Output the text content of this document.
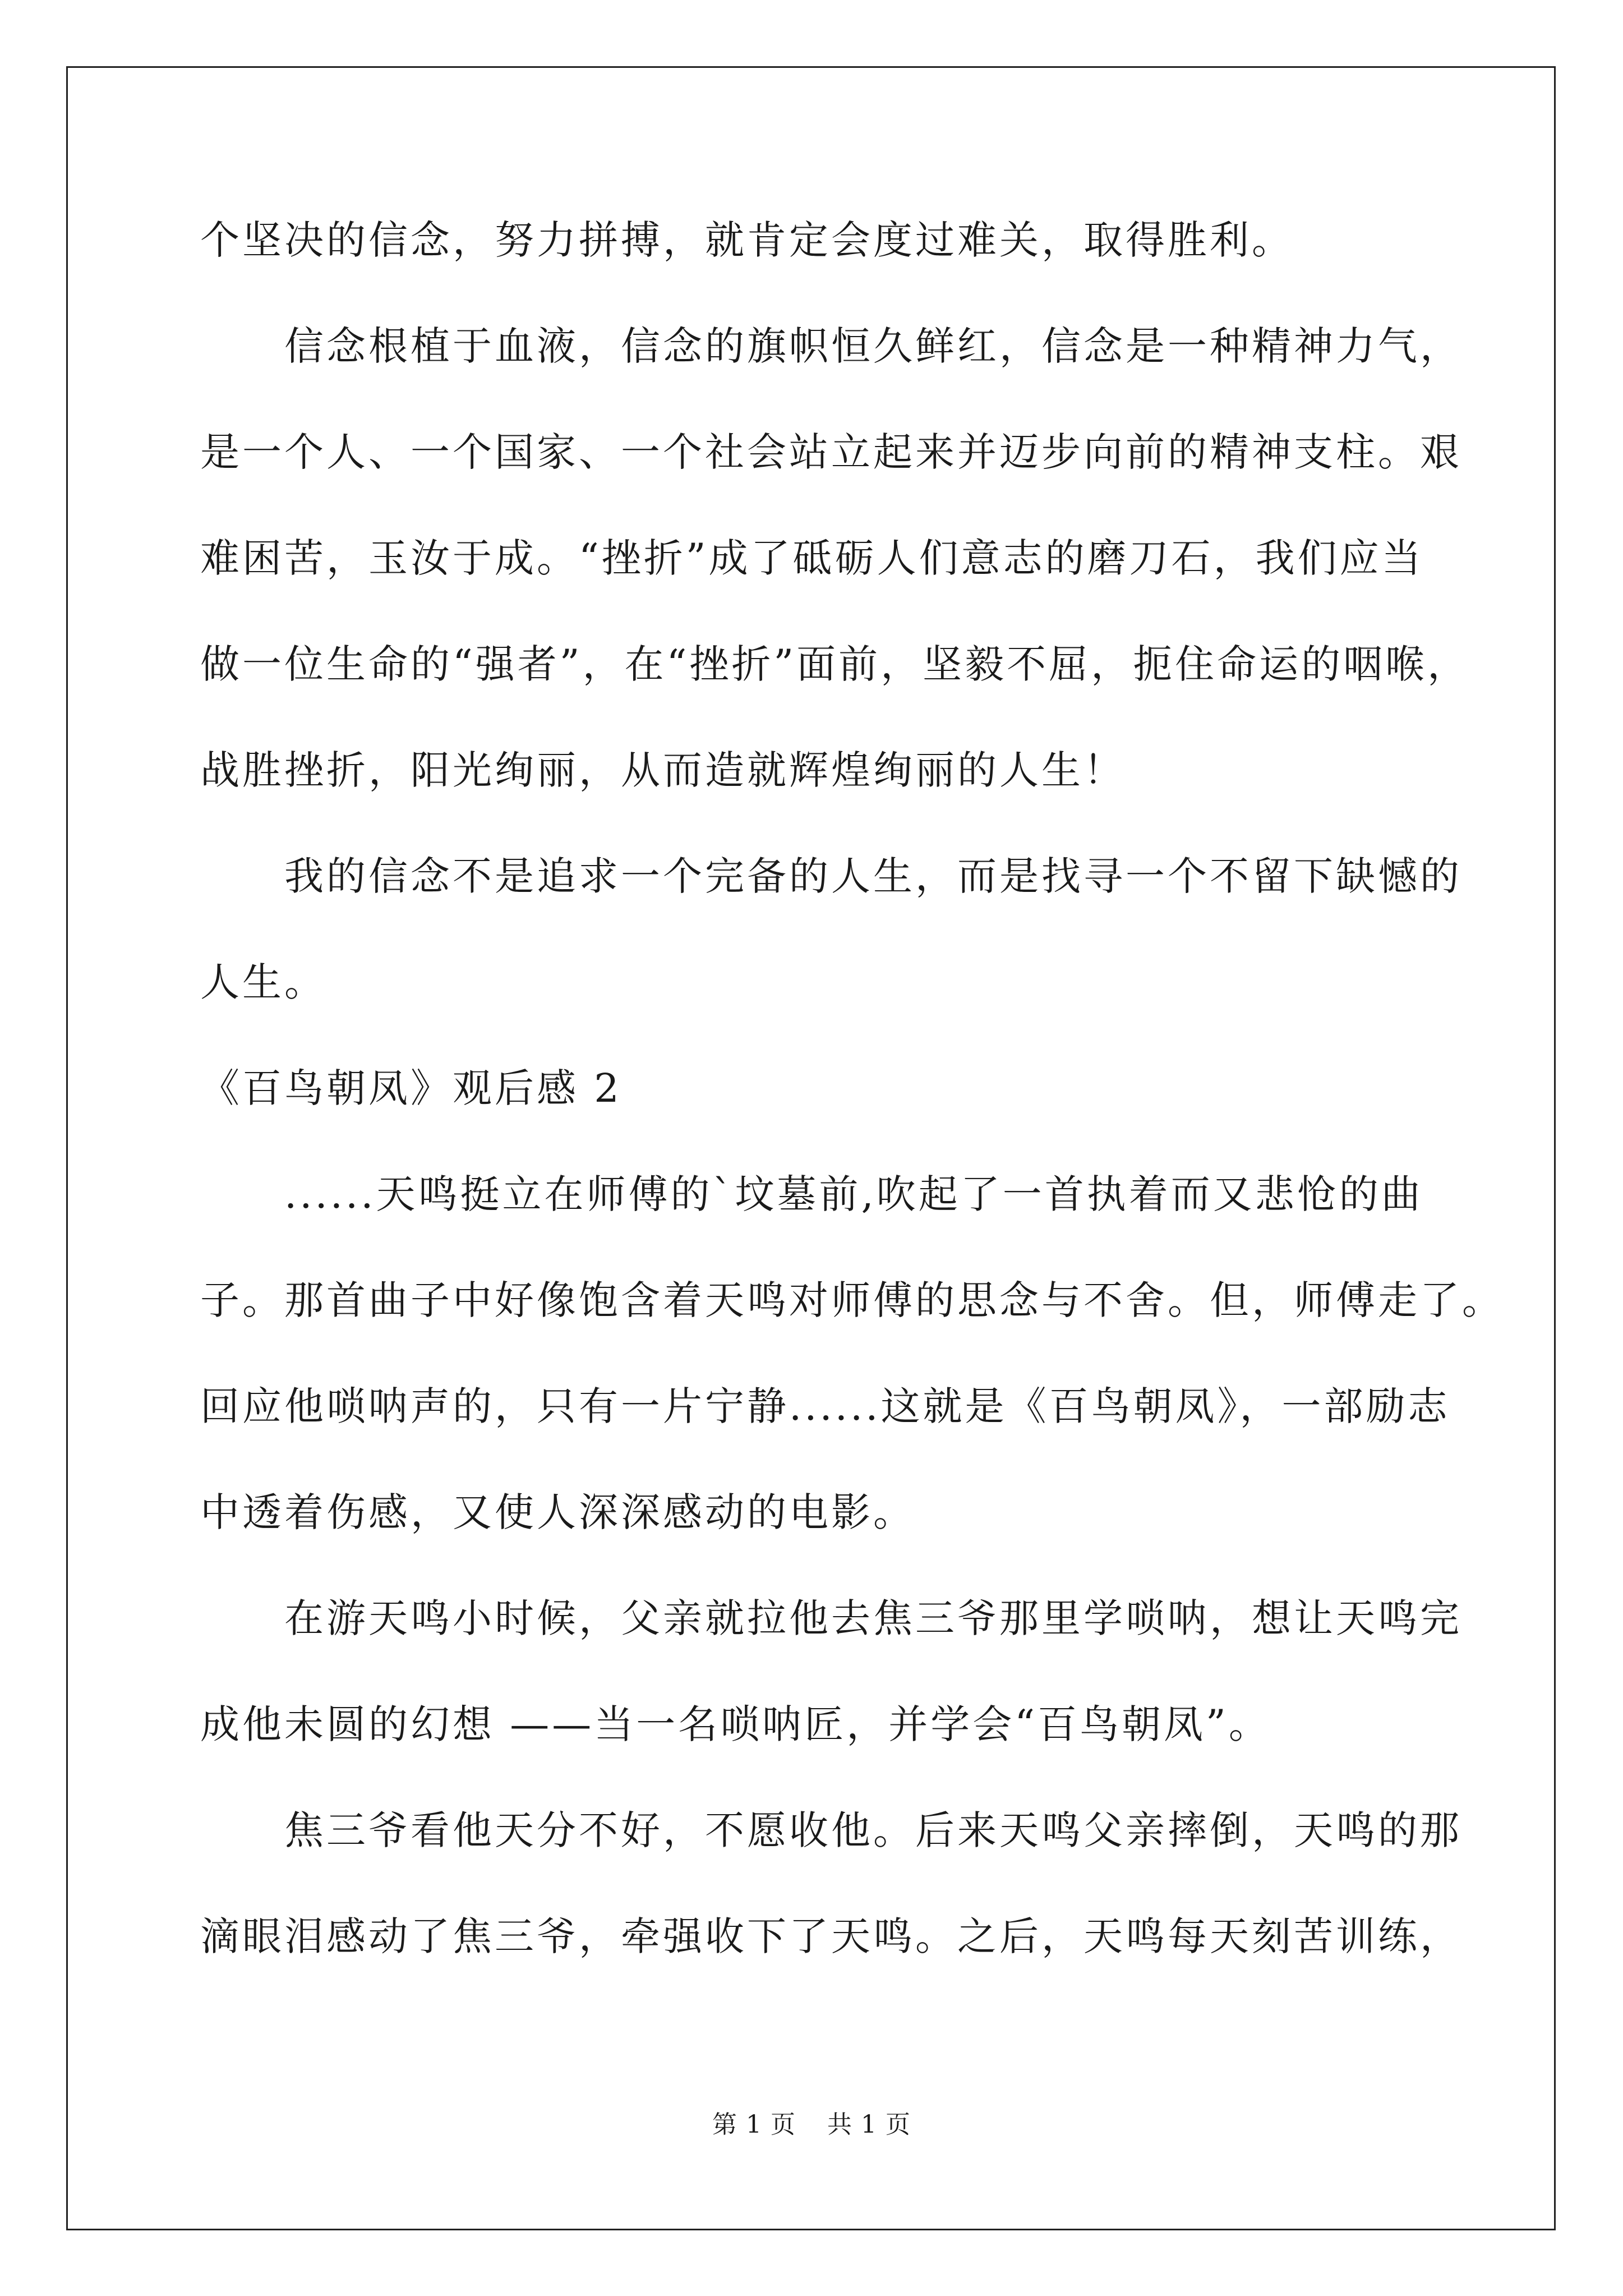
个坚决的信念，努力拼搏，就肯定会度过难关，取得胜利。
　　信念根植于血液，信念的旗帜恒久鲜红，信念是一种精神力气，
是一个人、一个国家、一个社会站立起来并迈步向前的精神支柱。艰
难困苦，玉汝于成。“挫折”成了砥砺人们意志的磨刀石，我们应当
做一位生命的“强者”，在“挫折”面前，坚毅不屈，扼住命运的咽喉，
战胜挫折，阳光绚丽，从而造就辉煌绚丽的人生！
　　我的信念不是追求一个完备的人生，而是找寻一个不留下缺憾的
人生。
《百鸟朝凤》观后感 2
　　......天鸣挺立在师傅的`坟墓前,吹起了一首执着而又悲怆的曲
子。那首曲子中好像饱含着天鸣对师傅的思念与不舍。但，师傅走了。
回应他唢呐声的，只有一片宁静......这就是《百鸟朝凤》，一部励志
中透着伤感，又使人深深感动的电影。
　　在游天鸣小时候，父亲就拉他去焦三爷那里学唢呐，想让天鸣完
成他未圆的幻想 ——当一名唢呐匠，并学会“百鸟朝凤”。
　　焦三爷看他天分不好，不愿收他。后来天鸣父亲摔倒，天鸣的那
滴眼泪感动了焦三爷，牵强收下了天鸣。之后，天鸣每天刻苦训练，
第 1 页 共 1 页
